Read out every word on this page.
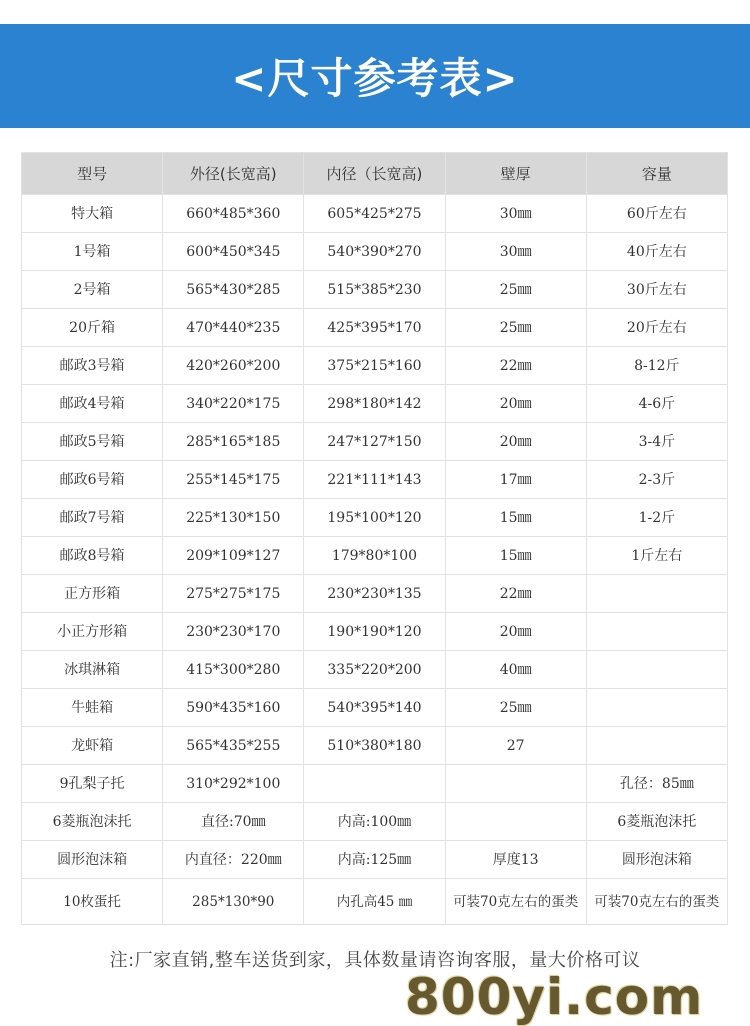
<尺寸参考表>
型号	外径(长宽高)	内径（长宽高)	壁厚	容量
特大箱	660*485*360	605*425*275	30㎜	60斤左右
1号箱	600*450*345	540*390*270	30㎜	40斤左右
2号箱	565*430*285	515*385*230	25㎜	30斤左右
20斤箱	470*440*235	425*395*170	25㎜	20斤左右
邮政3号箱	420*260*200	375*215*160	22㎜	8-12斤
邮政4号箱	340*220*175	298*180*142	20㎜	4-6斤
邮政5号箱	285*165*185	247*127*150	20㎜	3-4斤
邮政6号箱	255*145*175	221*111*143	17㎜	2-3斤
邮政7号箱	225*130*150	195*100*120	15㎜	1-2斤
邮政8号箱	209*109*127	179*80*100	15㎜	1斤左右
正方形箱	275*275*175	230*230*135	22㎜	
小正方形箱	230*230*170	190*190*120	20㎜	
冰琪淋箱	415*300*280	335*220*200	40㎜	
牛蛙箱	590*435*160	540*395*140	25㎜	
龙虾箱	565*435*255	510*380*180	27	
9孔梨子托	310*292*100			孔径：85㎜
6菱瓶泡沫托	直径:70㎜	内高:100㎜		6菱瓶泡沫托
圆形泡沫箱	内直径：220㎜	内高:125㎜	厚度13	圆形泡沫箱
10枚蛋托	285*130*90	内孔高45 ㎜	可装70克左右的蛋类	可装70克左右的蛋类
注:厂家直销,整车送货到家，具体数量请咨询客服，量大价格可议
800yi.com
